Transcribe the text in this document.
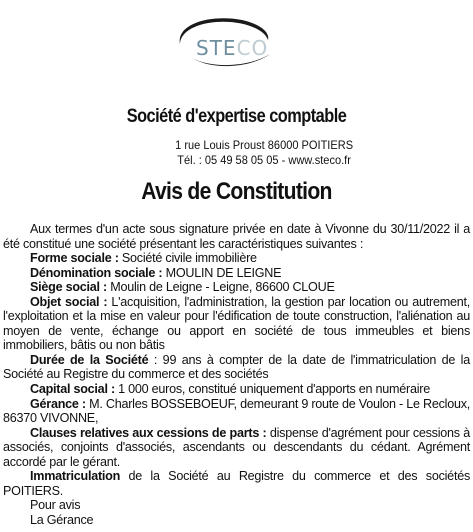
STECO
Société d'expertise comptable
1 rue Louis Proust 86000 POITIERS
Tél. : 05 49 58 05 05 - www.steco.fr
Avis de Constitution

Aux termes d'un acte sous signature privée en date à Vivonne du 30/11/2022 il a été constitué une société présentant les caractéristiques suivantes :

Forme sociale : Société civile immobilière

Dénomination sociale : MOULIN DE LEIGNE

Siège social : Moulin de Leigne - Leigne, 86600 CLOUE

Objet social : L'acquisition, l'administration, la gestion par location ou autrement, l'exploitation et la mise en valeur pour l'édification de toute construction, l'aliénation au moyen de vente, échange ou apport en société de tous immeubles et biens immobiliers, bâtis ou non bâtis

Durée de la Société : 99 ans à compter de la date de l'immatriculation de la Société au Registre du commerce et des sociétés

Capital social : 1 000 euros, constitué uniquement d'apports en numéraire

Gérance : M. Charles BOSSEBOEUF, demeurant 9 route de Voulon - Le Recloux, 86370 VIVONNE,

Clauses relatives aux cessions de parts : dispense d'agrément pour cessions à associés, conjoints d'associés, ascendants ou descendants du cédant. Agrément accordé par le gérant.

Immatriculation de la Société au Registre du commerce et des sociétés POITIERS.

Pour avis

La Gérance
